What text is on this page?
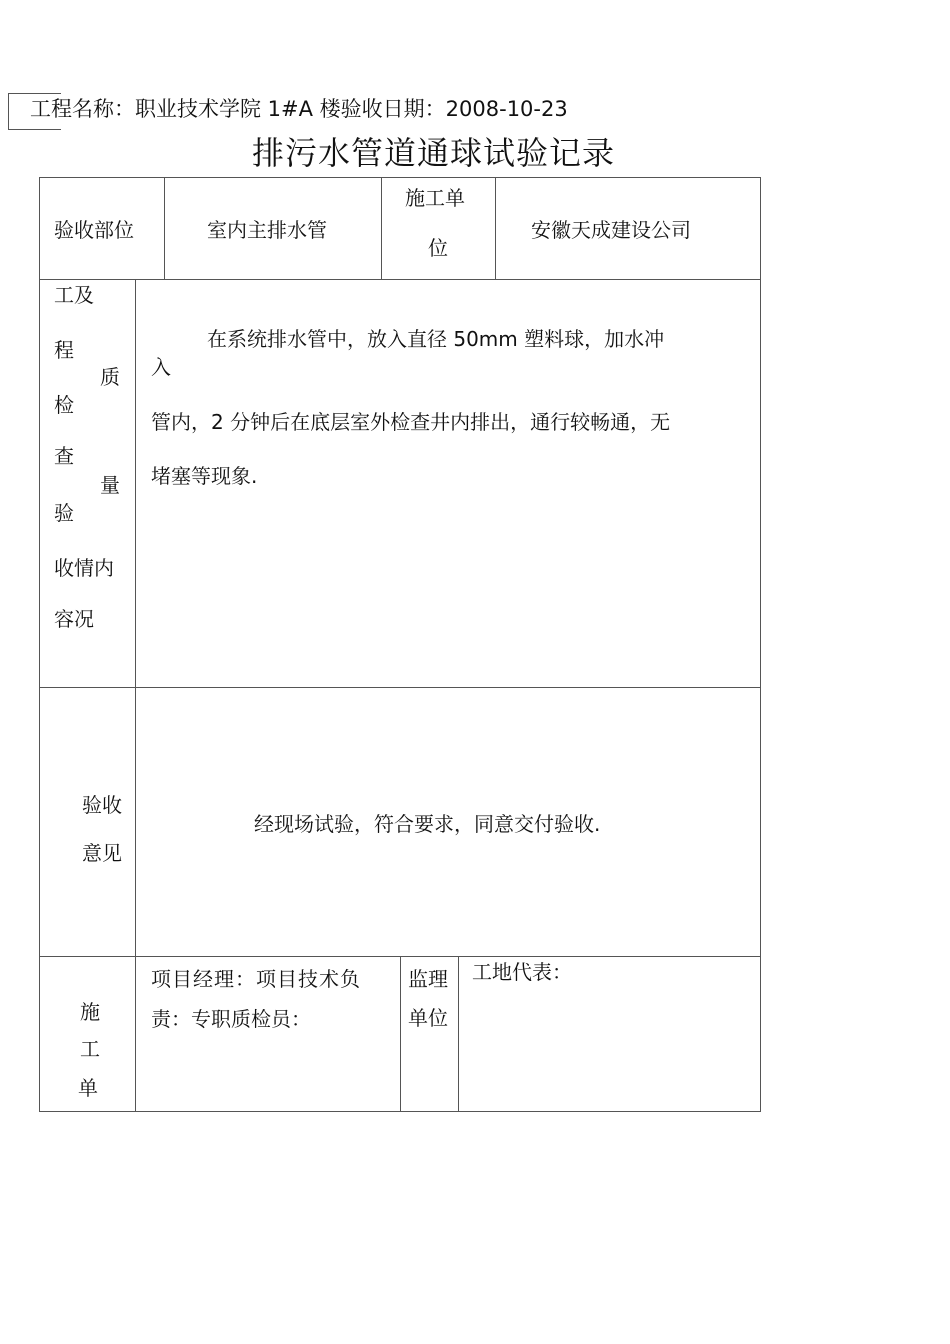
工程名称：职业技术学院 1#A 楼验收日期：2008-10-23
排污水管道通球试验记录
验收部位	室内主排水管
施工单
位
安徽天成建设公司
工及
程
质
检
查
量
验
收情内
容况
在系统排水管中，放入直径 50mm 塑料球，加水冲
入
管内，2 分钟后在底层室外检查井内排出，通行较畅通，无
堵塞等现象.
验收
意见
经现场试验，符合要求，同意交付验收.
施
工
单
项目经理：项目技术负
责：专职质检员：
监理
单位
工地代表：
